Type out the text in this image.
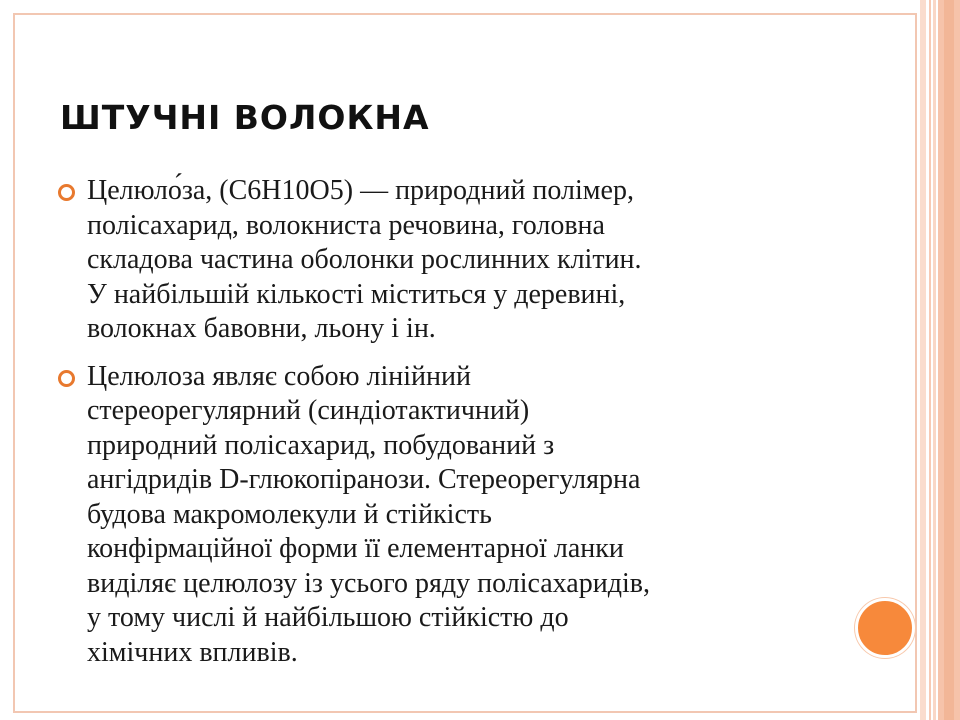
ШТУЧНІ ВОЛОКНА
Целюло́за, (C6H10O5) — природний полімер,
полісахарид, волокниста речовина, головна
складова частина оболонки рослинних клітин.
У найбільшій кількості міститься у деревині,
волокнах бавовни, льону і ін.
Целюлоза являє собою лінійний
стереорегулярний (синдіотактичний)
природний полісахарид, побудований з
ангідридів D-глюкопіранози. Стереорегулярна
будова макромолекули й стійкість
конфірмаційної форми її елементарної ланки
виділяє целюлозу із усього ряду полісахаридів,
у тому числі й найбільшою стійкістю до
хімічних впливів.
